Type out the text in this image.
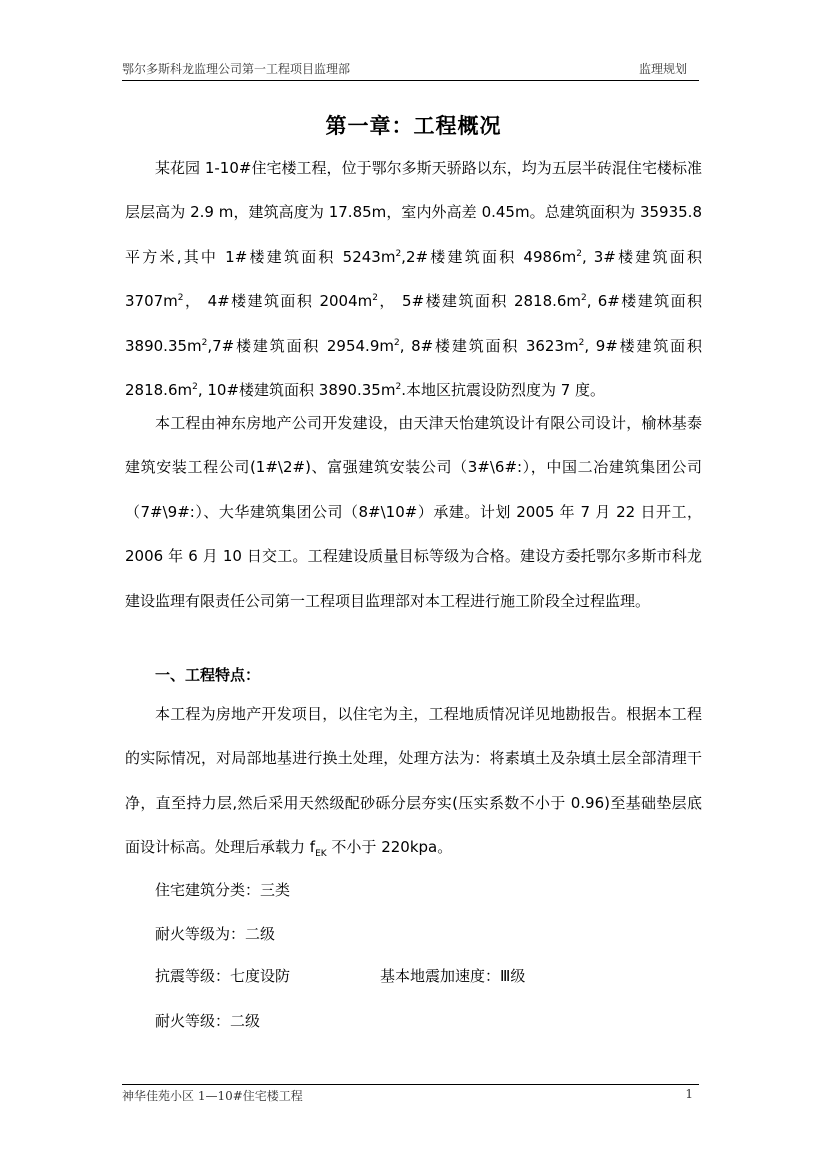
鄂尔多斯科龙监理公司第一工程项目监理部	监理规划
第一章：工程概况

某花园 1-10#住宅楼工程，位于鄂尔多斯天骄路以东，均为五层半砖混住宅楼标准层层高为 2.9 m，建筑高度为 17.85m，室内外高差 0.45m。总建筑面积为 35935.8 平方米,其中 1#楼建筑面积 $5243m^2,2\#$楼建筑面积 $4986m^2$, 3#楼建筑面积 $3707m^2$， 4#楼建筑面积 $2004m^2$， 5#楼建筑面积 $2818.6m^2$, 6#楼建筑面积 $3890.35m^2,7\#$楼建筑面积 $2954.9m^2$, 8#楼建筑面积 $3623m^2$, 9#楼建筑面积 $2818.6m^2$, 10#楼建筑面积 $3890.35m^2$.本地区抗震设防烈度为 7 度。

本工程由神东房地产公司开发建设，由天津天怡建筑设计有限公司设计，榆林基泰建筑安装工程公司(1#\2#)、富强建筑安装公司（3#\6#:），中国二冶建筑集团公司（7#\9#:）、大华建筑集团公司（8#\10#）承建。计划 2005 年 7 月 22 日开工，2006 年 6 月 10 日交工。工程建设质量目标等级为合格。建设方委托鄂尔多斯市科龙建设监理有限责任公司第一工程项目监理部对本工程进行施工阶段全过程监理。

一、工程特点：

本工程为房地产开发项目，以住宅为主，工程地质情况详见地勘报告。根据本工程的实际情况，对局部地基进行换土处理，处理方法为：将素填土及杂填土层全部清理干净，直至持力层,然后采用天然级配砂砾分层夯实(压实系数不小于 0.96)至基础垫层底面设计标高。处理后承载力 $f_{EK}$ 不小于 220kpa。

住宅建筑分类：三类
耐火等级为：二级
抗震等级：七度设防	基本地震加速度：Ⅲ级
耐火等级：二级
神华佳苑小区 1—10#住宅楼工程	1
